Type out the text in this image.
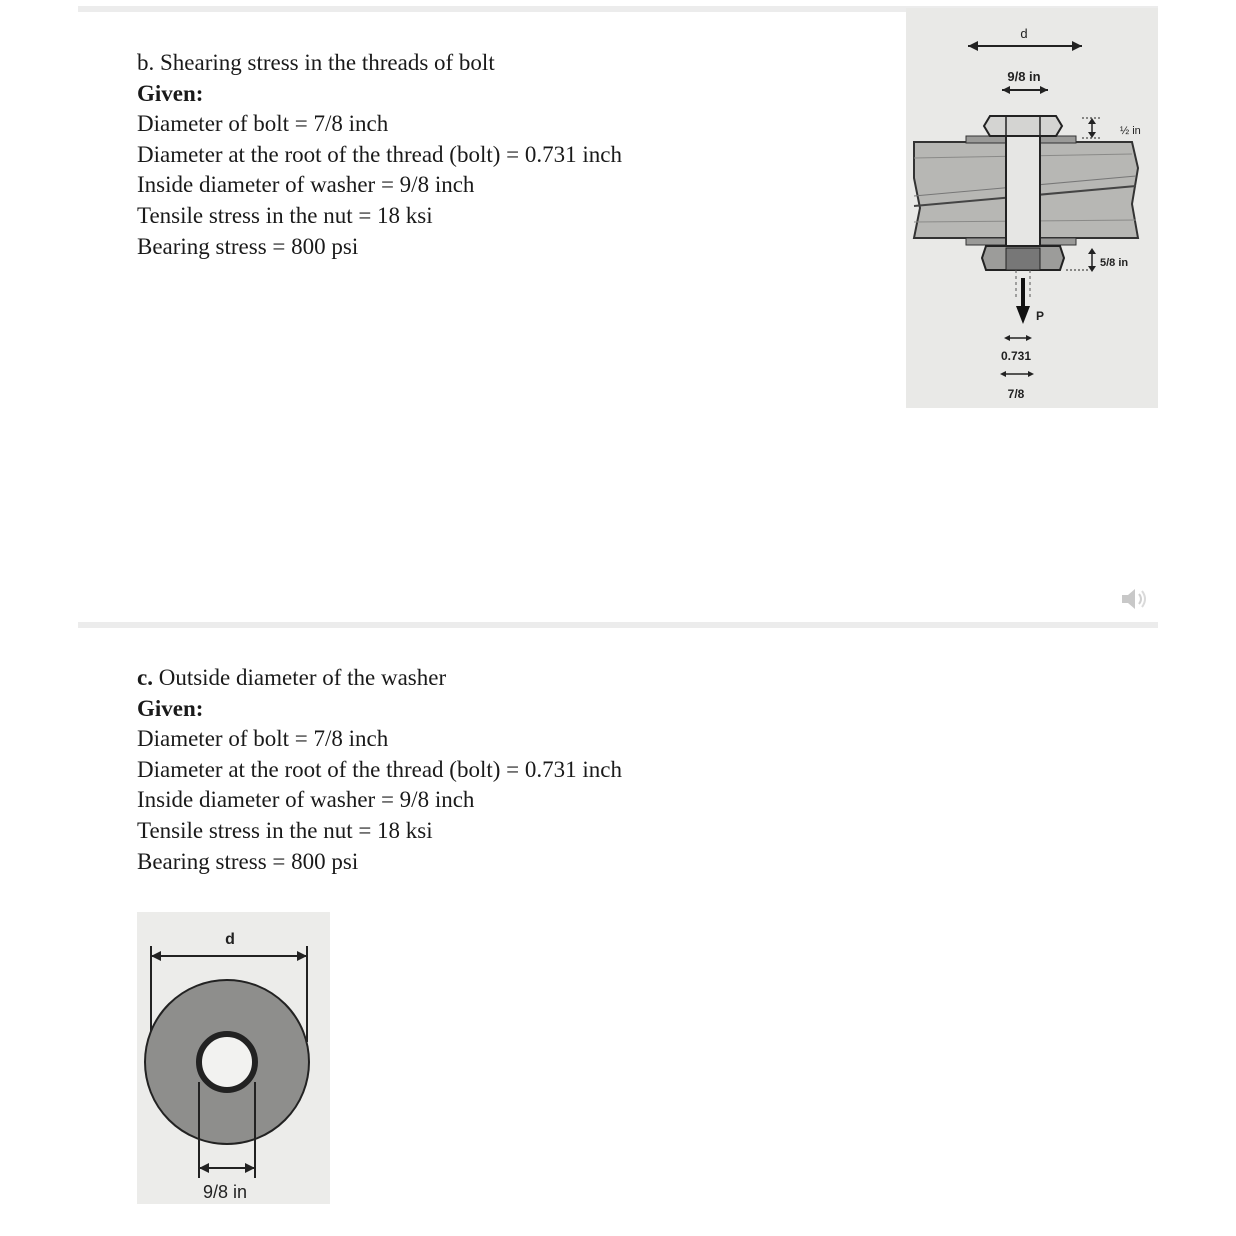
b. Shearing stress in the threads of bolt
Given:
Diameter of bolt = 7/8 inch
Diameter at the root of the thread (bolt) = 0.731 inch
Inside diameter of washer = 9/8 inch
Tensile stress in the nut = 18 ksi
Bearing stress = 800 psi
d
9/8 in
P
½ in
5/8 in
0.731
7/8
c. Outside diameter of the washer
Given:
Diameter of bolt = 7/8 inch
Diameter at the root of the thread (bolt) = 0.731 inch
Inside diameter of washer = 9/8 inch
Tensile stress in the nut = 18 ksi
Bearing stress = 800 psi
d
9/8 in
